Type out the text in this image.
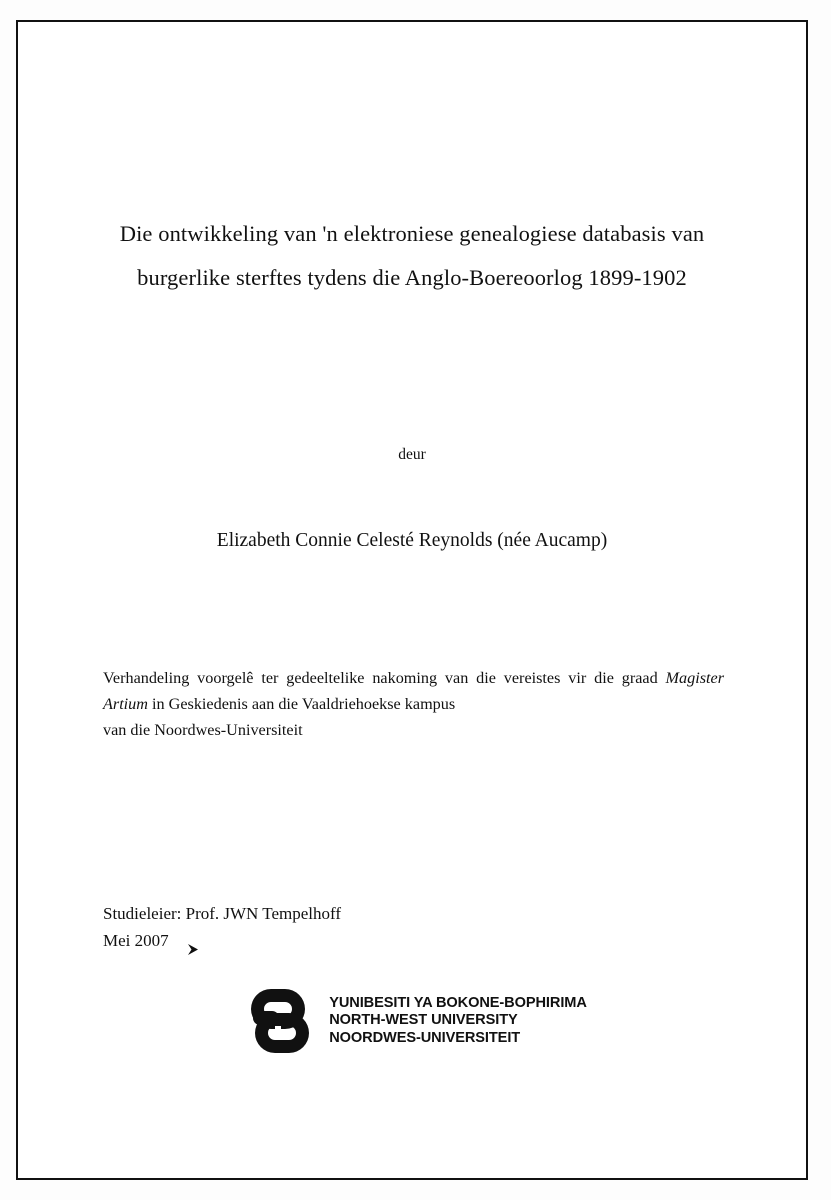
Die ontwikkeling van 'n elektroniese genealogiese databasis van
burgerlike sterftes tydens die Anglo-Boereoorlog 1899-1902
deur
Elizabeth Connie Celesté Reynolds (née Aucamp)
Verhandeling voorgelê ter gedeeltelike nakoming van die vereistes vir die graad Magister Artium in Geskiedenis aan die Vaaldriehoekse kampus
van die Noordwes-Universiteit
Studieleier: Prof. JWN Tempelhoff
Mei 2007
YUNIBESITI YA BOKONE-BOPHIRIMA
NORTH-WEST UNIVERSITY
NOORDWES-UNIVERSITEIT
